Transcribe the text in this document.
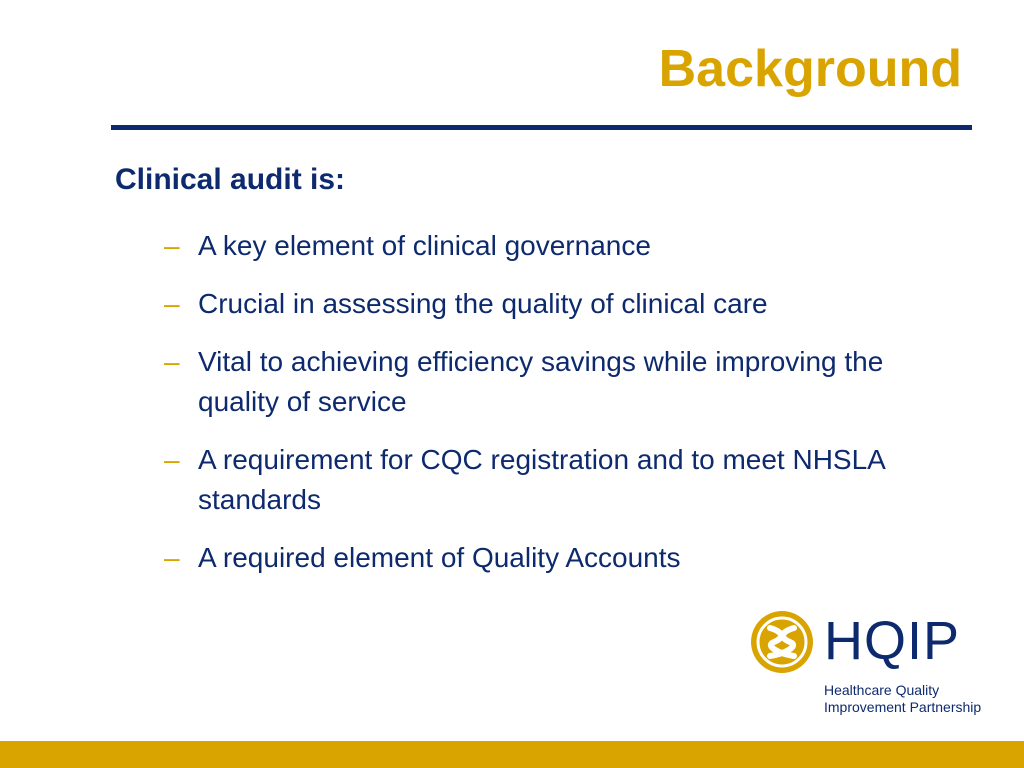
Background
Clinical audit is:
– A key element of clinical governance
– Crucial in assessing the quality of clinical care
– Vital to achieving efficiency savings while improving the quality of service
– A requirement for CQC registration and to meet NHSLA standards
– A required element of Quality Accounts
HQIP
Healthcare Quality
Improvement Partnership
